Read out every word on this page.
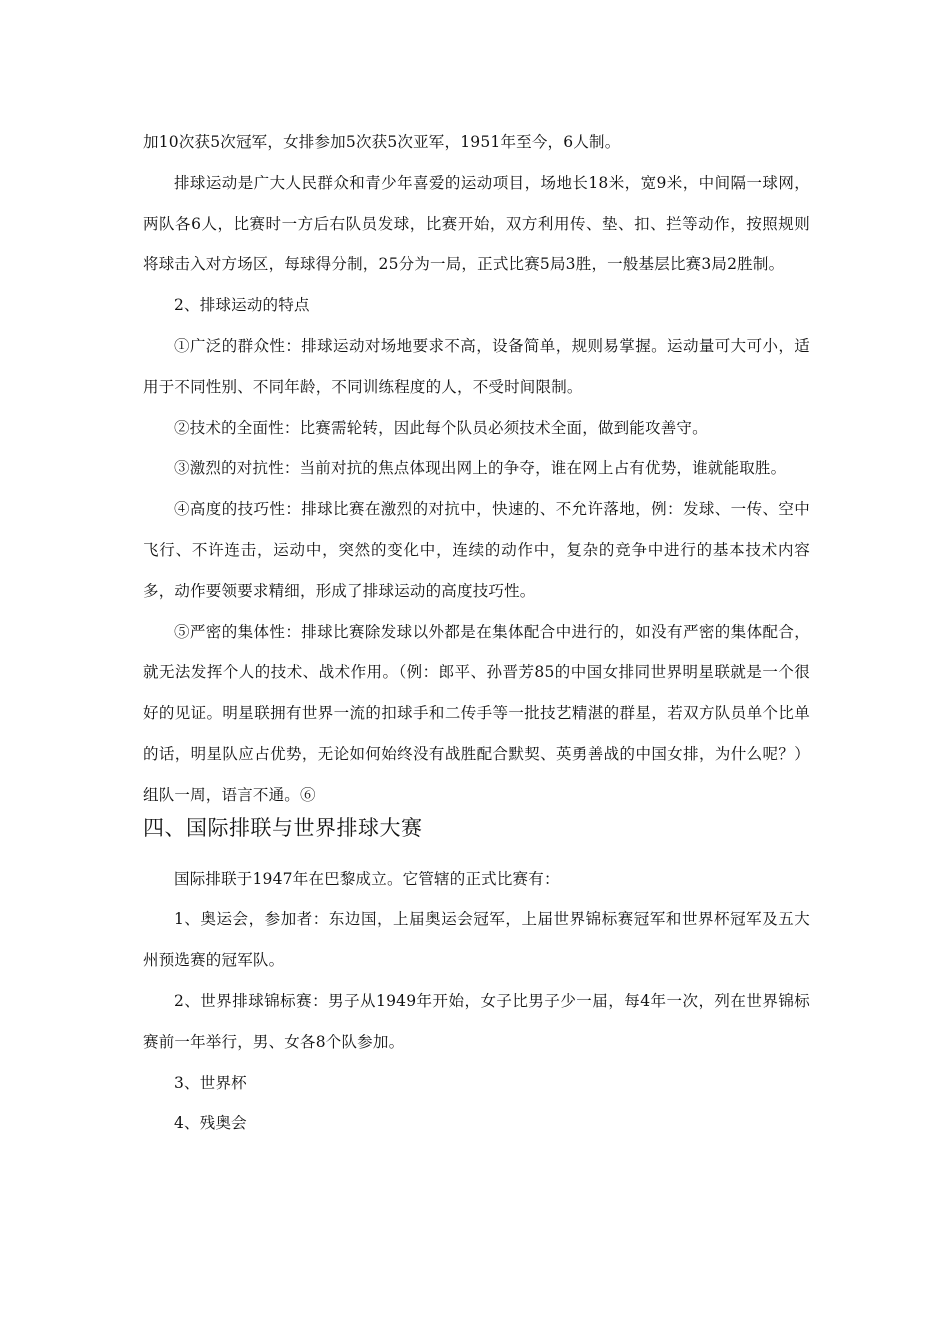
加10次获5次冠军，女排参加5次获5次亚军，1951年至今，6人制。

排球运动是广大人民群众和青少年喜爱的运动项目，场地长18米，宽9米，中间隔一球网，两队各6人，比赛时一方后右队员发球，比赛开始，双方利用传、垫、扣、拦等动作，按照规则将球击入对方场区，每球得分制，25分为一局，正式比赛5局3胜，一般基层比赛3局2胜制。

2、排球运动的特点

①广泛的群众性：排球运动对场地要求不高，设备简单，规则易掌握。运动量可大可小，适用于不同性别、不同年龄，不同训练程度的人，不受时间限制。

②技术的全面性：比赛需轮转，因此每个队员必须技术全面，做到能攻善守。

③激烈的对抗性：当前对抗的焦点体现出网上的争夺，谁在网上占有优势，谁就能取胜。

④高度的技巧性：排球比赛在激烈的对抗中，快速的、不允许落地，例：发球、一传、空中飞行、不许连击，运动中，突然的变化中，连续的动作中，复杂的竞争中进行的基本技术内容多，动作要领要求精细，形成了排球运动的高度技巧性。

⑤严密的集体性：排球比赛除发球以外都是在集体配合中进行的，如没有严密的集体配合，就无法发挥个人的技术、战术作用。（例：郎平、孙晋芳85的中国女排同世界明星联就是一个很好的见证。明星联拥有世界一流的扣球手和二传手等一批技艺精湛的群星，若双方队员单个比单的话，明星队应占优势，无论如何始终没有战胜配合默契、英勇善战的中国女排，为什么呢？）组队一周，语言不通。⑥

四、国际排联与世界排球大赛

国际排联于1947年在巴黎成立。它管辖的正式比赛有：

1、奥运会，参加者：东边国，上届奥运会冠军，上届世界锦标赛冠军和世界杯冠军及五大州预选赛的冠军队。

2、世界排球锦标赛：男子从1949年开始，女子比男子少一届，每4年一次，列在世界锦标赛前一年举行，男、女各8个队参加。

3、世界杯

4、残奥会
